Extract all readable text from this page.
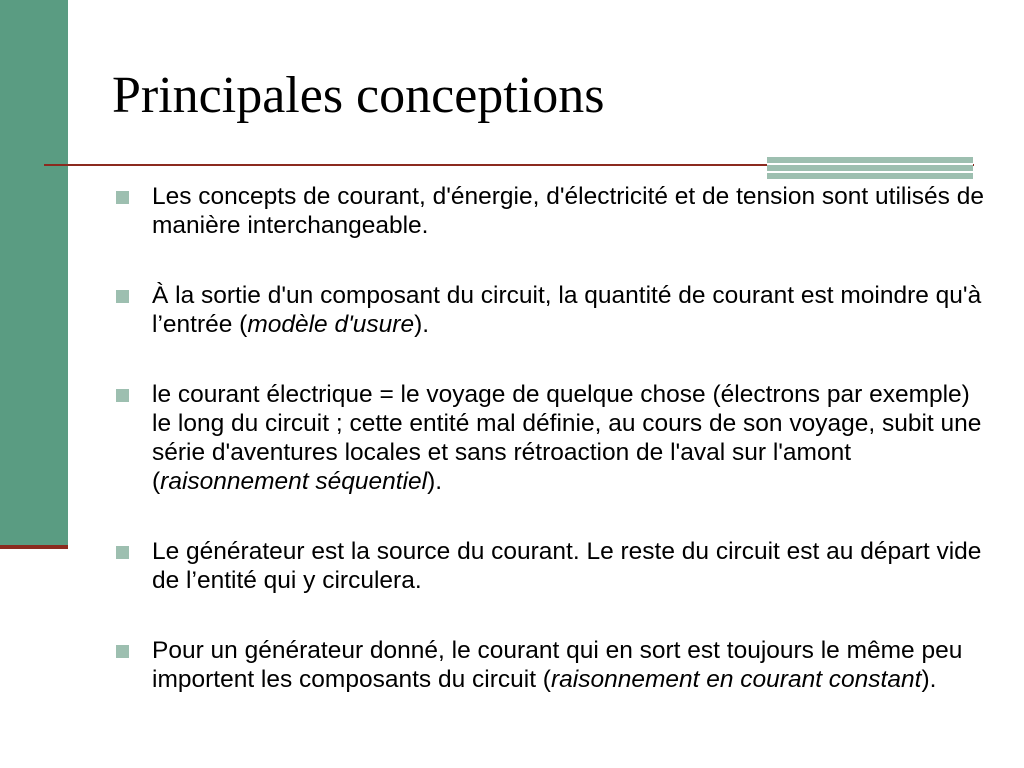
Principales conceptions
Les concepts de courant, d'énergie, d'électricité et de tension sont utilisés de manière interchangeable.
À la sortie d'un composant du circuit, la quantité de courant est moindre qu'à l’entrée (modèle d'usure).
le courant électrique = le voyage de quelque chose (électrons par exemple) le long du circuit ; cette entité mal définie, au cours de son voyage, subit une série d'aventures locales et sans rétroaction de l'aval sur l'amont (raisonnement séquentiel).
Le générateur est la source du courant. Le reste du circuit est au départ vide de l’entité qui y circulera.
Pour un générateur donné, le courant qui en sort est toujours le même peu importent les composants du circuit (raisonnement en courant constant).
